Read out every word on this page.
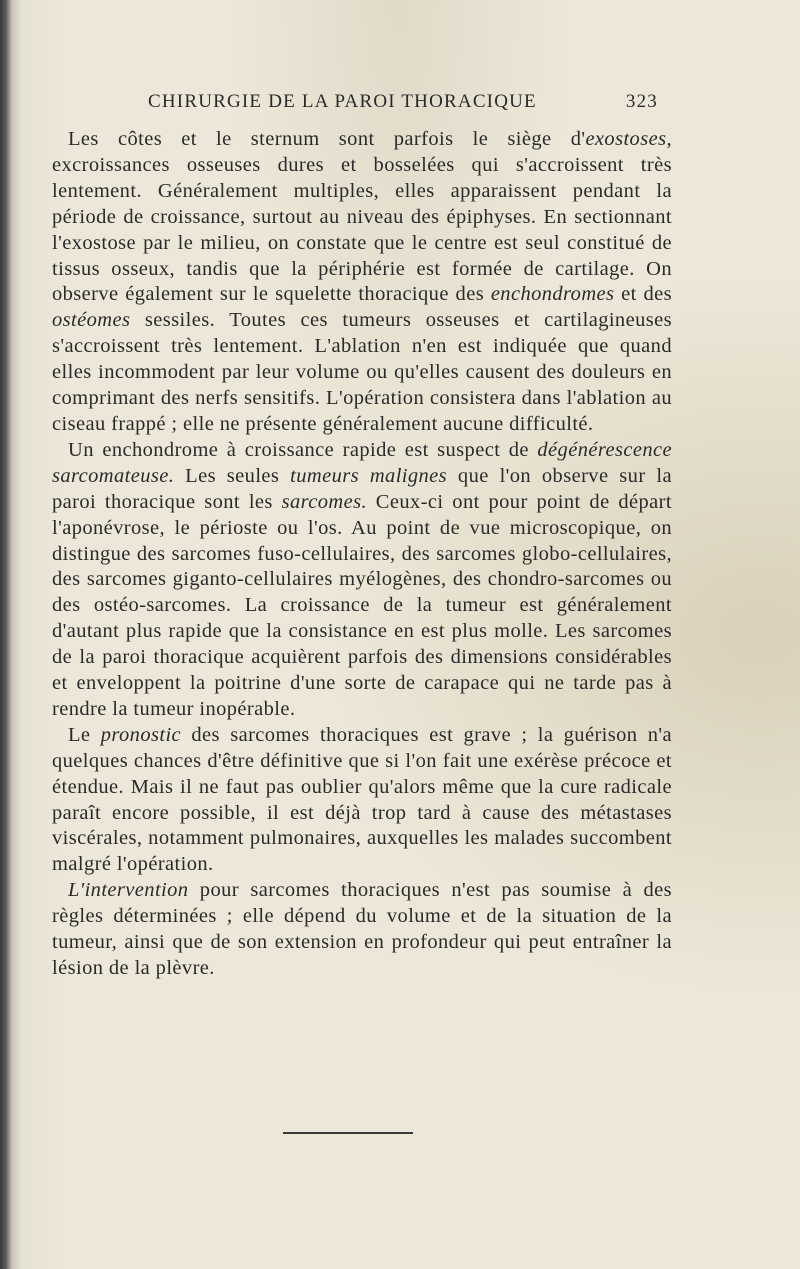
CHIRURGIE DE LA PAROI THORACIQUE	323

Les côtes et le sternum sont parfois le siège d'exostoses, excroissances osseuses dures et bosselées qui s'accroissent très lentement. Généralement multiples, elles apparaissent pendant la période de croissance, surtout au niveau des épiphyses. En sectionnant l'exostose par le milieu, on constate que le centre est seul constitué de tissus osseux, tandis que la périphérie est formée de cartilage. On observe également sur le squelette thoracique des enchondromes et des ostéomes sessiles. Toutes ces tumeurs osseuses et cartilagineuses s'accroissent très lentement. L'ablation n'en est indiquée que quand elles incommodent par leur volume ou qu'elles causent des douleurs en comprimant des nerfs sensitifs. L'opération consistera dans l'ablation au ciseau frappé ; elle ne présente généralement aucune difficulté.

Un enchondrome à croissance rapide est suspect de dégénérescence sarcomateuse. Les seules tumeurs malignes que l'on observe sur la paroi thoracique sont les sarcomes. Ceux-ci ont pour point de départ l'aponévrose, le périoste ou l'os. Au point de vue microscopique, on distingue des sarcomes fuso-cellulaires, des sarcomes globo-cellulaires, des sarcomes giganto-cellulaires myélogènes, des chondro-sarcomes ou des ostéo-sarcomes. La croissance de la tumeur est généralement d'autant plus rapide que la consistance en est plus molle. Les sarcomes de la paroi thoracique acquièrent parfois des dimensions considérables et enveloppent la poitrine d'une sorte de carapace qui ne tarde pas à rendre la tumeur inopérable.

Le pronostic des sarcomes thoraciques est grave ; la guérison n'a quelques chances d'être définitive que si l'on fait une exérèse précoce et étendue. Mais il ne faut pas oublier qu'alors même que la cure radicale paraît encore possible, il est déjà trop tard à cause des métastases viscérales, notamment pulmonaires, auxquelles les malades succombent malgré l'opération.

L'intervention pour sarcomes thoraciques n'est pas soumise à des règles déterminées ; elle dépend du volume et de la situation de la tumeur, ainsi que de son extension en profondeur qui peut entraîner la lésion de la plèvre.
